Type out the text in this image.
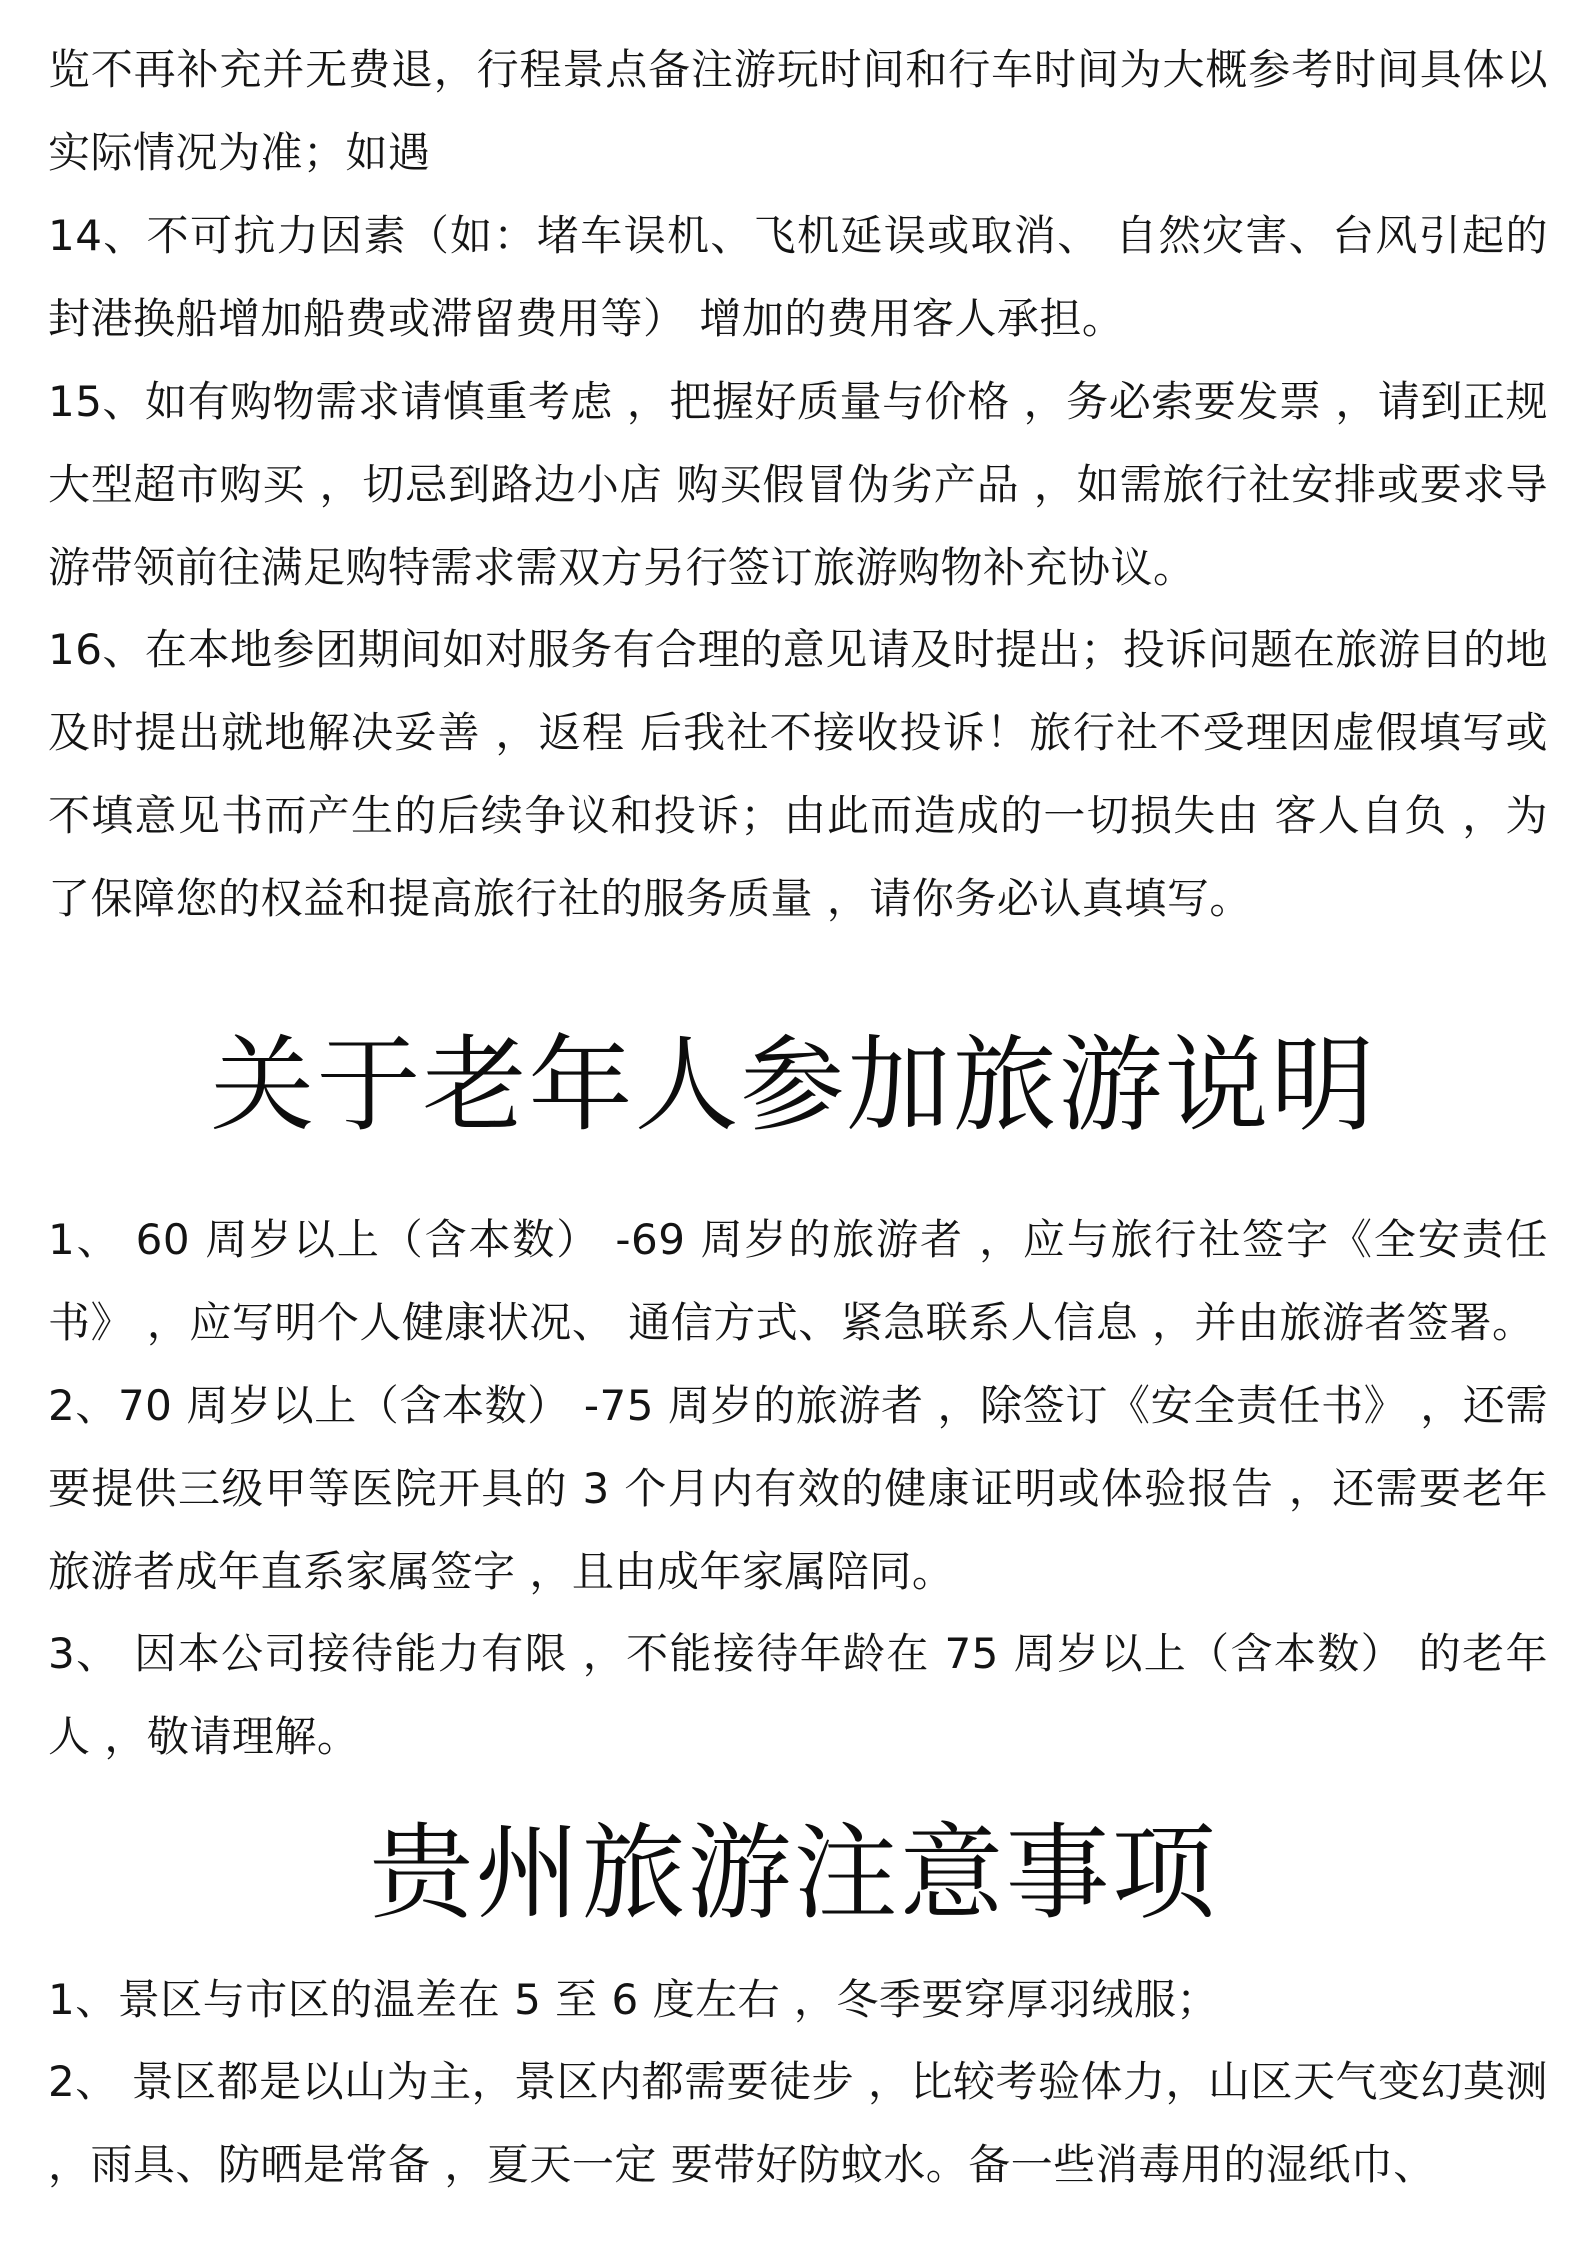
览不再补充并无费退，行程景点备注游玩时间和行车时间为大概参考时间具体以实际情况为准；如遇

14、不可抗力因素（如：堵车误机、飞机延误或取消、 自然灾害、台风引起的封港换船增加船费或滞留费用等） 增加的费用客人承担。

15、如有购物需求请慎重考虑 ，把握好质量与价格 ，务必索要发票 ，请到正规大型超市购买 ，切忌到路边小店 购买假冒伪劣产品 ，如需旅行社安排或要求导游带领前往满足购特需求需双方另行签订旅游购物补充协议。

16、在本地参团期间如对服务有合理的意见请及时提出；投诉问题在旅游目的地及时提出就地解决妥善 ，返程 后我社不接收投诉！旅行社不受理因虚假填写或不填意见书而产生的后续争议和投诉；由此而造成的一切损失由 客人自负 ，为了保障您的权益和提高旅行社的服务质量 ，请你务必认真填写。

关于老年人参加旅游说明

1、 60 周岁以上（含本数） -69 周岁的旅游者 ，应与旅行社签字《全安责任书》 ，应写明个人健康状况、 通信方式、紧急联系人信息 ，并由旅游者签署。

2、70 周岁以上（含本数） -75 周岁的旅游者 ，除签订《安全责任书》 ，还需要提供三级甲等医院开具的 3 个月内有效的健康证明或体验报告 ，还需要老年旅游者成年直系家属签字 ，且由成年家属陪同。

3、 因本公司接待能力有限 ，不能接待年龄在 75 周岁以上（含本数） 的老年人 ，敬请理解。

贵州旅游注意事项

1、景区与市区的温差在 5 至 6 度左右 ，冬季要穿厚羽绒服；

2、 景区都是以山为主，景区内都需要徒步 ，比较考验体力，山区天气变幻莫测 ，雨具、防晒是常备 ，夏天一定 要带好防蚊水。备一些消毒用的湿纸巾、
